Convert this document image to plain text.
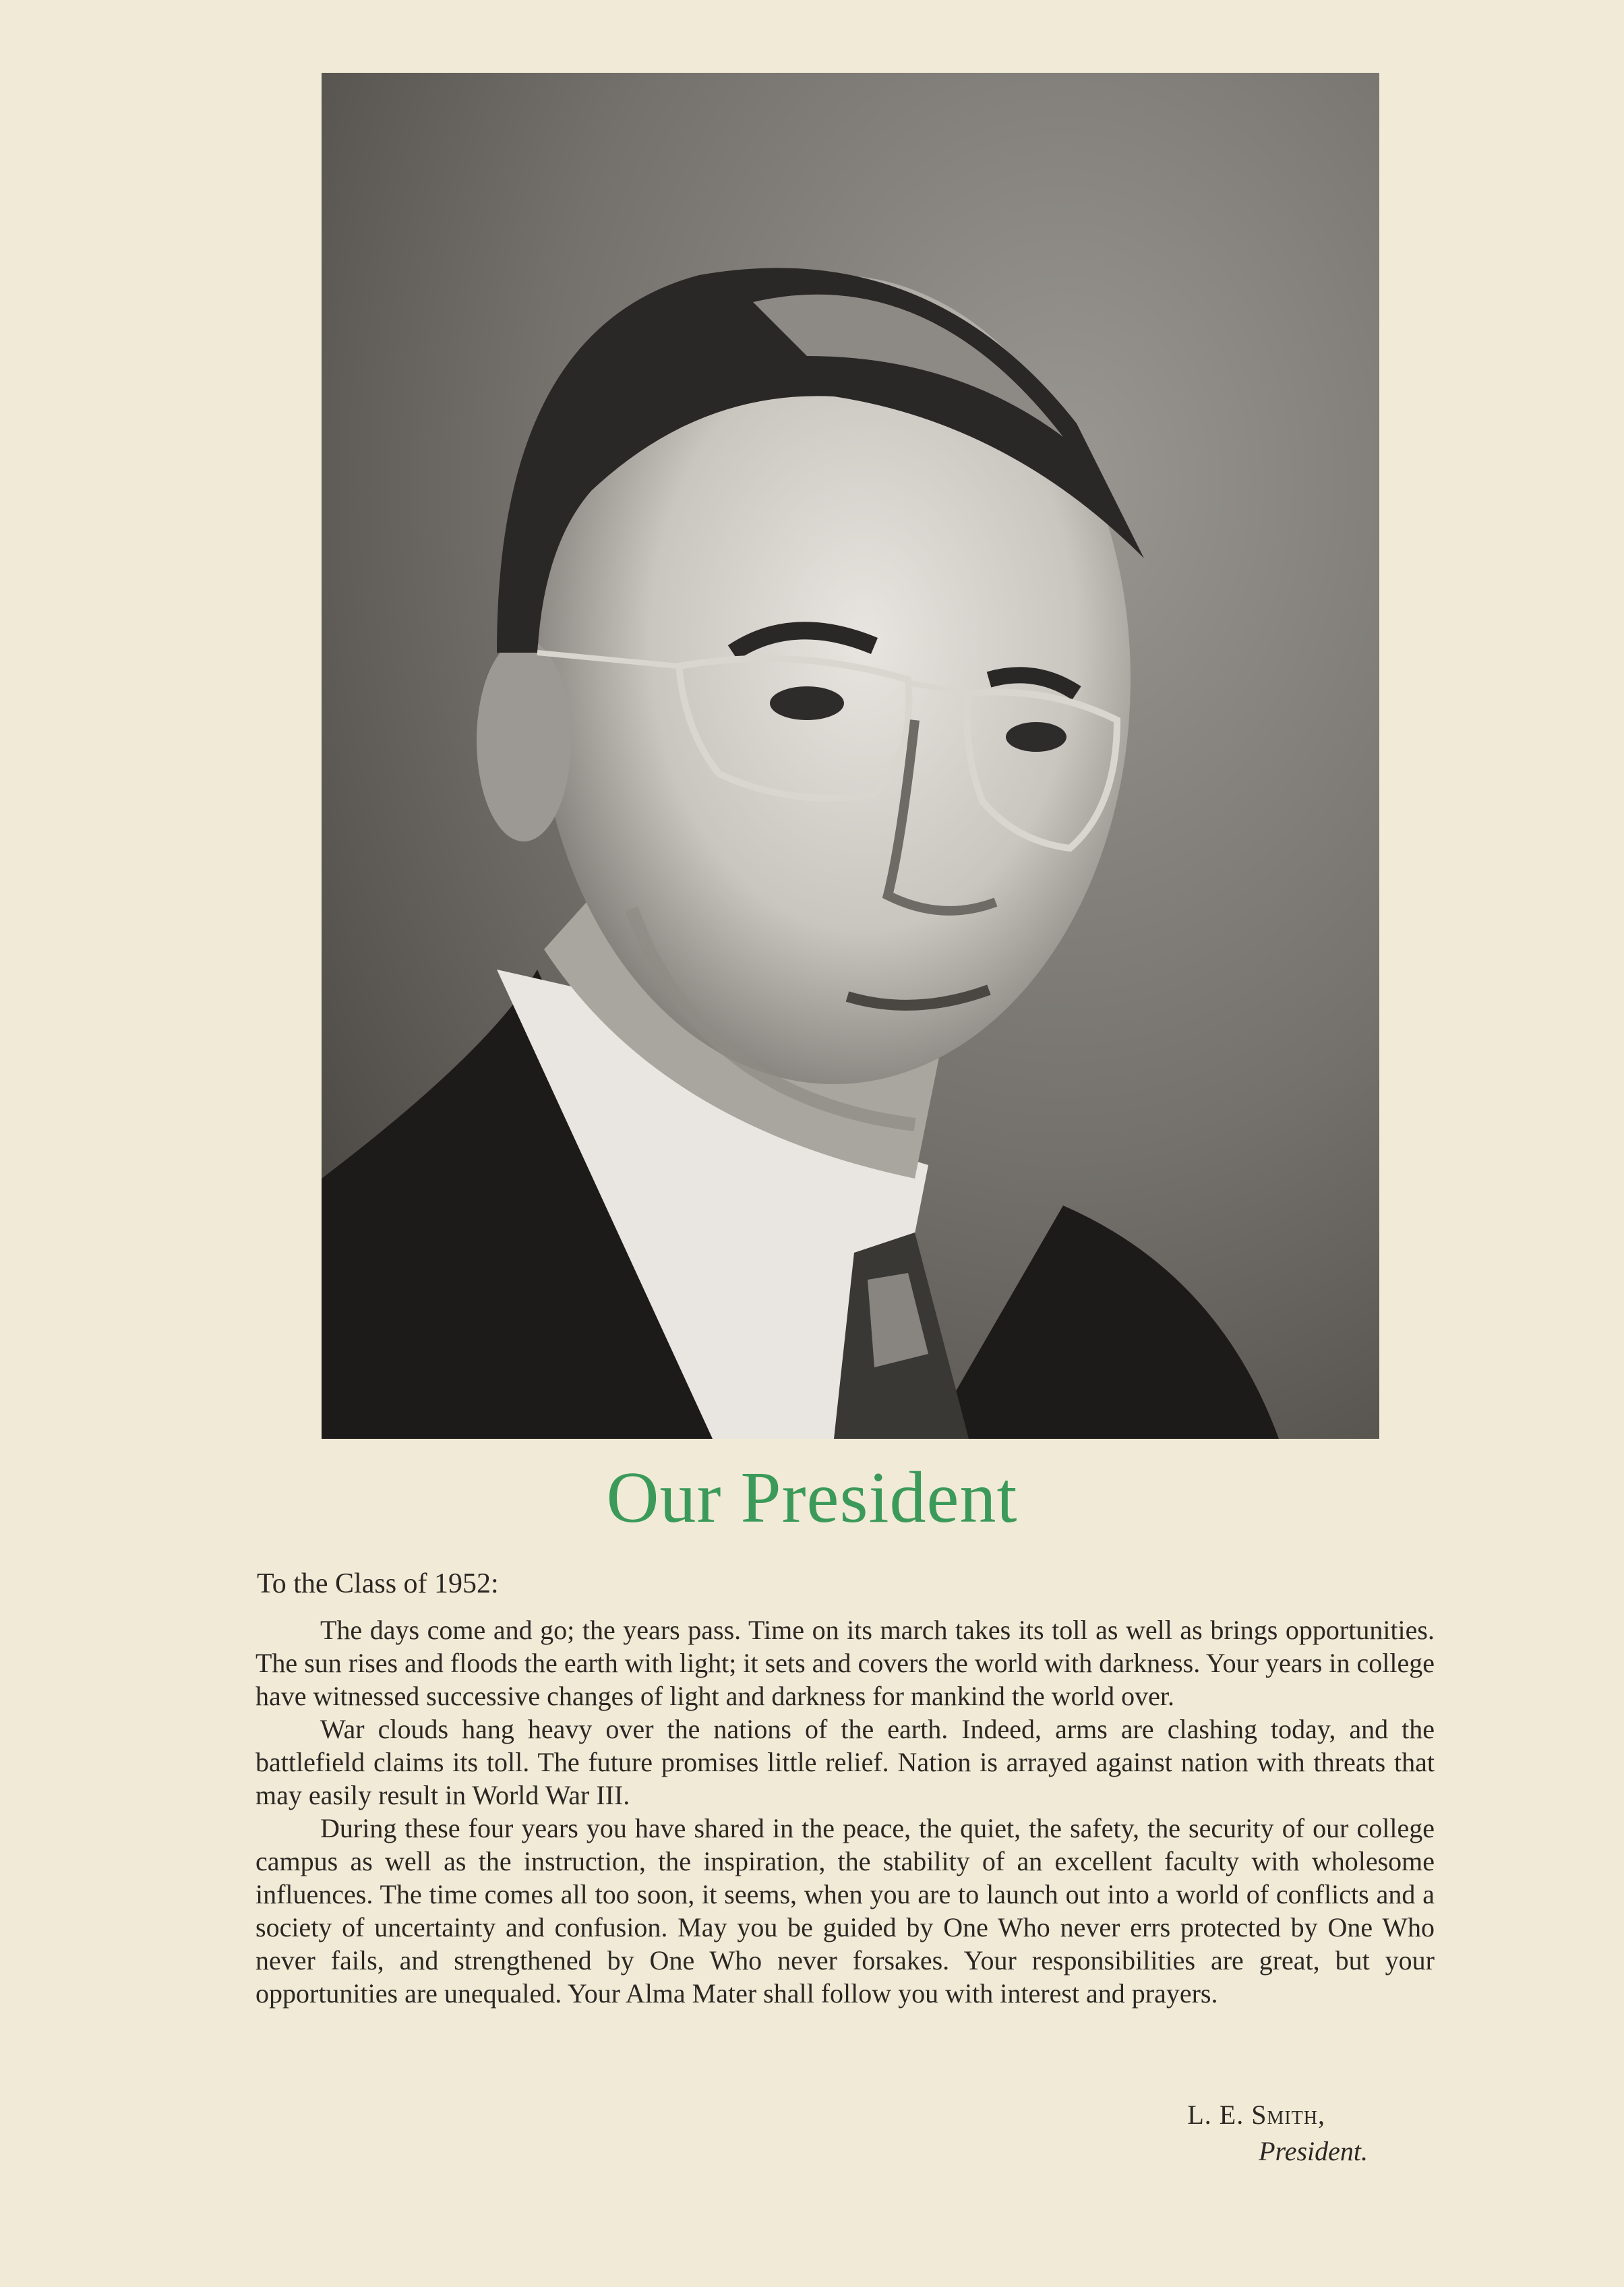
Our President
To the Class of 1952:

The days come and go; the years pass. Time on its march takes its toll as well as brings opportunities. The sun rises and floods the earth with light; it sets and covers the world with darkness. Your years in college have witnessed successive changes of light and darkness for mankind the world over.

War clouds hang heavy over the nations of the earth. Indeed, arms are clashing today, and the battlefield claims its toll. The future promises little relief. Nation is arrayed against nation with threats that may easily result in World War III.

During these four years you have shared in the peace, the quiet, the safety, the security of our college campus as well as the instruction, the inspiration, the stability of an excellent faculty with wholesome influences. The time comes all too soon, it seems, when you are to launch out into a world of conflicts and a society of uncertainty and confusion. May you be guided by One Who never errs protected by One Who never fails, and strengthened by One Who never forsakes. Your responsibilities are great, but your opportunities are unequaled. Your Alma Mater shall follow you with interest and prayers.

L. E. Smith,
President.
